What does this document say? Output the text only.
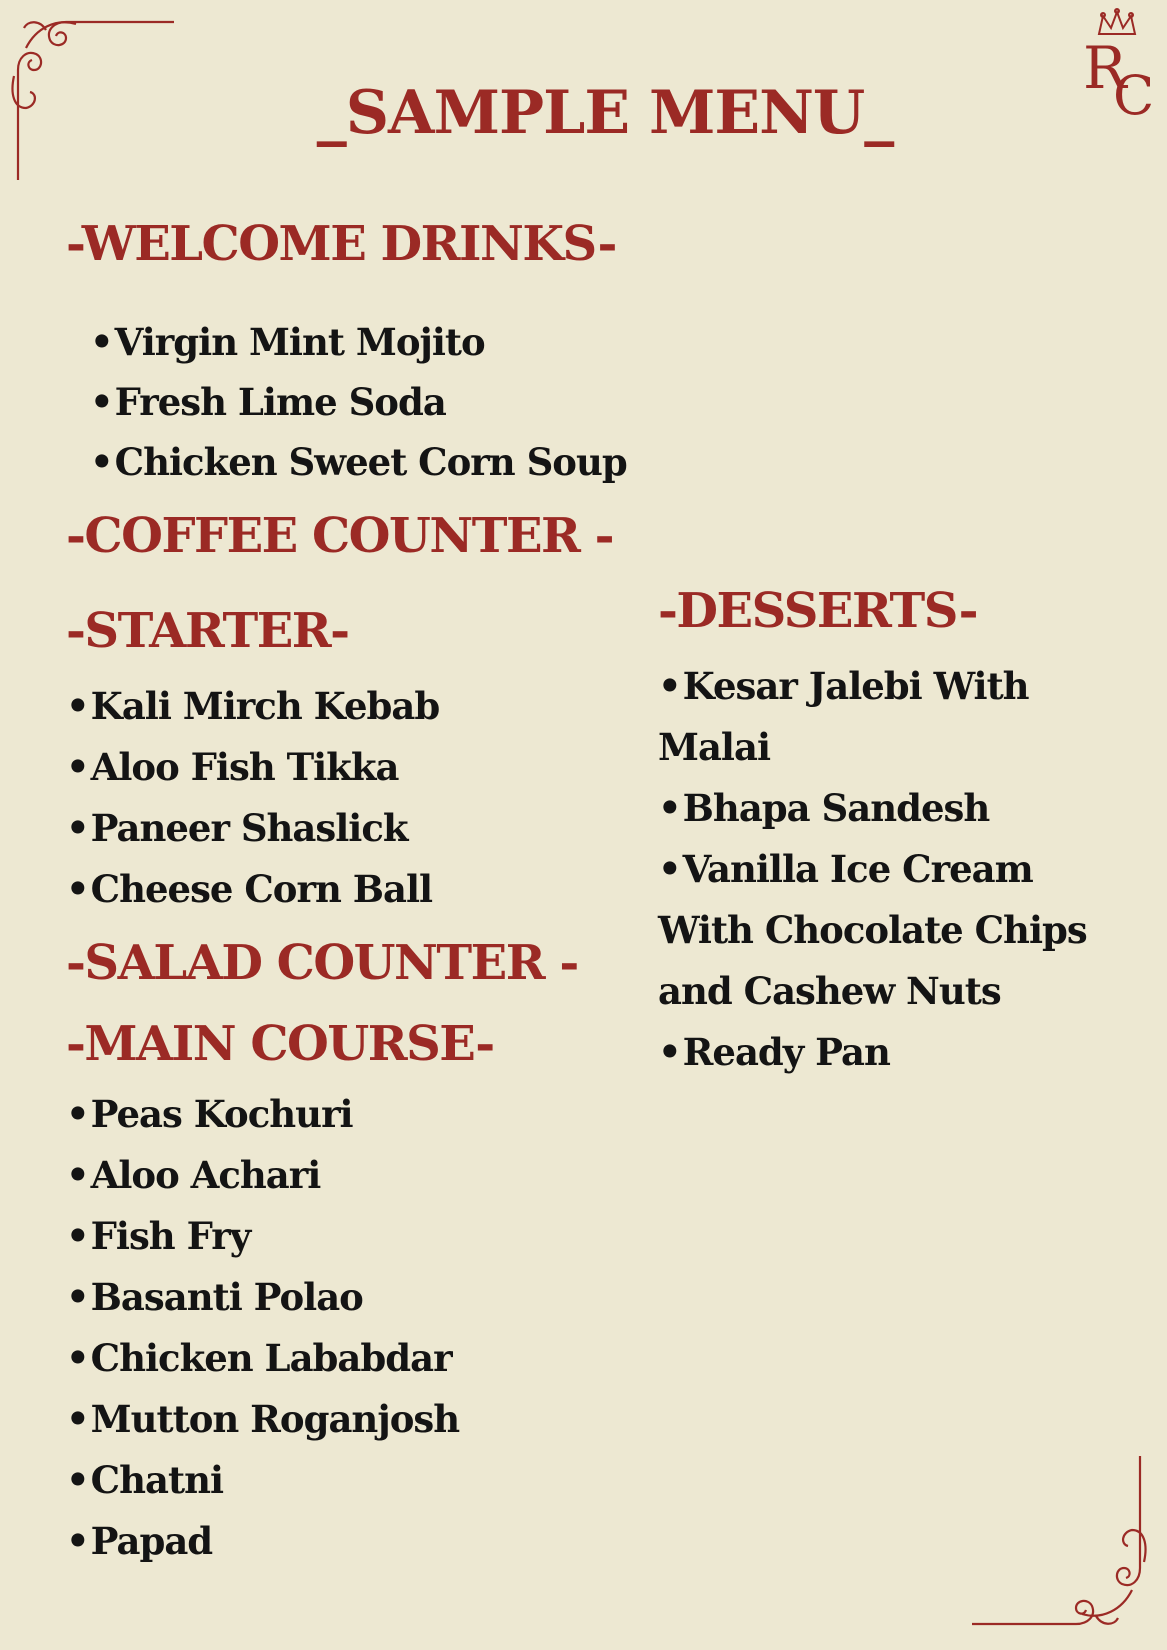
R
C
_SAMPLE MENU_
-WELCOME DRINKS-
•Virgin Mint Mojito
•Fresh Lime Soda
•Chicken Sweet Corn Soup
-COFFEE COUNTER -
-STARTER-
•Kali Mirch Kebab
•Aloo Fish Tikka
•Paneer Shaslick
•Cheese Corn Ball
-SALAD COUNTER -
-MAIN COURSE-
•Peas Kochuri
•Aloo Achari
•Fish Fry
•Basanti Polao
•Chicken Lababdar
•Mutton Roganjosh
•Chatni
•Papad
-DESSERTS-
•Kesar Jalebi With Malai
•Bhapa Sandesh
•Vanilla Ice Cream With Chocolate Chips and Cashew Nuts
•Ready Pan
